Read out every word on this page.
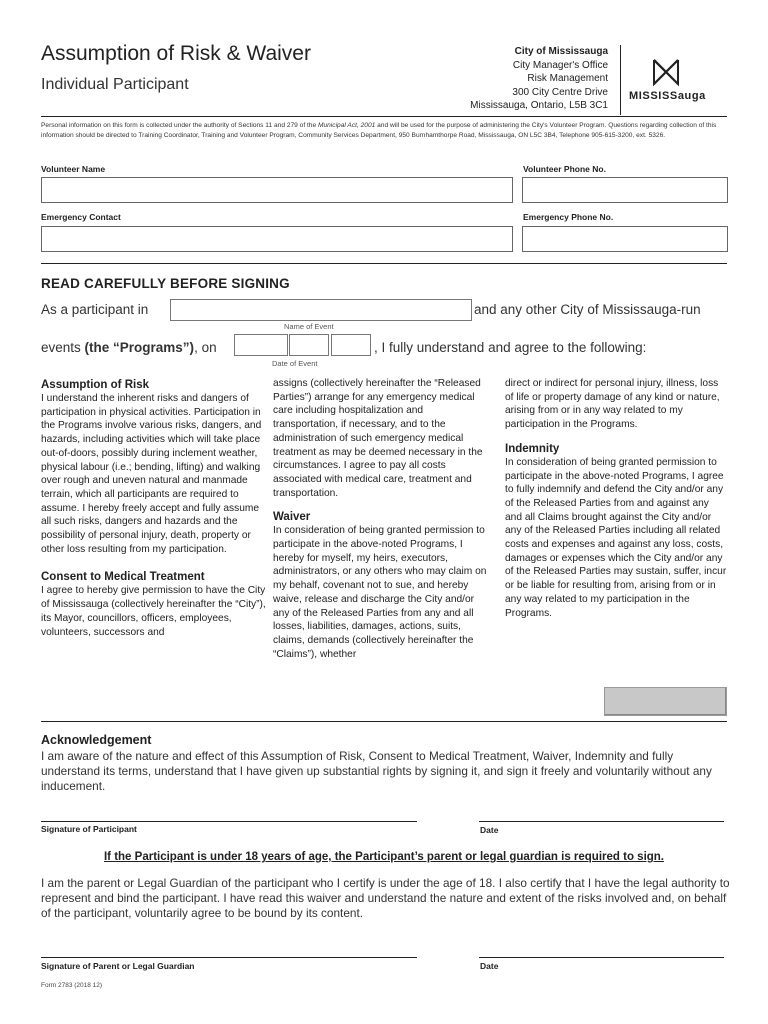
Assumption of Risk & Waiver
Individual Participant
City of Mississauga
City Manager's Office
Risk Management
300 City Centre Drive
Mississauga, Ontario, L5B 3C1
MISSISSauga
Personal information on this form is collected under the authority of Sections 11 and 279 of the Municipal Act, 2001 and will be used for the purpose of administering the City's Volunteer Program. Questions regarding collection of this information should be directed to Training Coordinator, Training and Volunteer Program, Community Services Department, 950 Burnhamthorpe Road, Mississauga, ON L5C 3B4, Telephone 905-615-3200, ext. 5326.
Volunteer Name	Volunteer Phone No.
Emergency Contact	Emergency Phone No.
READ CAREFULLY BEFORE SIGNING
As a participant in	and any other City of Mississauga-run
Name of Event
events (the “Programs”), on	, I fully understand and agree to the following:
Date of Event
Assumption of Risk

I understand the inherent risks and dangers of participation in physical activities. Participation in the Programs involve various risks, dangers, and hazards, including activities which will take place out-of-doors, possibly during inclement weather, physical labour (i.e.; bending, lifting) and walking over rough and uneven natural and manmade terrain, which all participants are required to assume. I hereby freely accept and fully assume all such risks, dangers and hazards and the possibility of personal injury, death, property or other loss resulting from my participation.

Consent to Medical Treatment

I agree to hereby give permission to have the City of Mississauga (collectively hereinafter the “City”), its Mayor, councillors, officers, employees, volunteers, successors and

assigns (collectively hereinafter the “Released Parties”) arrange for any emergency medical care including hospitalization and transportation, if necessary, and to the administration of such emergency medical treatment as may be deemed necessary in the circumstances. I agree to pay all costs associated with medical care, treatment and transportation.

Waiver

In consideration of being granted permission to participate in the above-noted Programs, I hereby for myself, my heirs, executors, administrators, or any others who may claim on my behalf, covenant not to sue, and hereby waive, release and discharge the City and/or any of the Released Parties from any and all losses, liabilities, damages, actions, suits, claims, demands (collectively hereinafter the “Claims”), whether

direct or indirect for personal injury, illness, loss of life or property damage of any kind or nature, arising from or in any way related to my participation in the Programs.

Indemnity

In consideration of being granted permission to participate in the above-noted Programs, I agree to fully indemnify and defend the City and/or any of the Released Parties from and against any and all Claims brought against the City and/or any of the Released Parties including all related costs and expenses and against any loss, costs, damages or expenses which the City and/or any of the Released Parties may sustain, suffer, incur or be liable for resulting from, arising from or in any way related to my participation in the Programs.

Acknowledgement
I am aware of the nature and effect of this Assumption of Risk, Consent to Medical Treatment, Waiver, Indemnity and fully understand its terms, understand that I have given up substantial rights by signing it, and sign it freely and voluntarily without any inducement.
Signature of Participant	Date
If the Participant is under 18 years of age, the Participant’s parent or legal guardian is required to sign.
I am the parent or Legal Guardian of the participant who I certify is under the age of 18. I also certify that I have the legal authority to represent and bind the participant. I have read this waiver and understand the nature and extent of the risks involved and, on behalf of the participant, voluntarily agree to be bound by its content.
Signature of Parent or Legal Guardian	Date
Form 2783 (2018 12)
